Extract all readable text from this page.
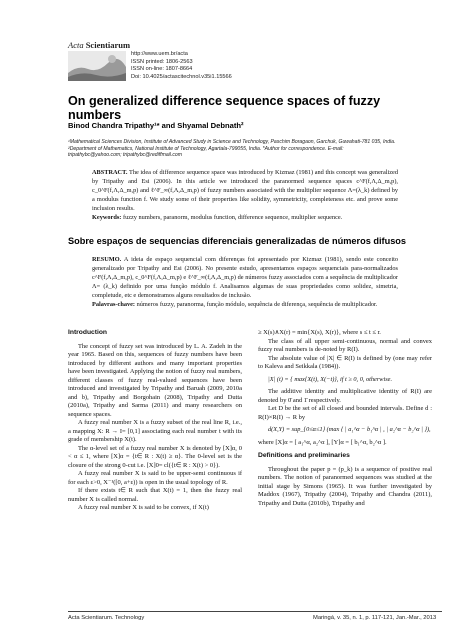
Acta Scientiarum
http://www.uem.br/acta
ISSN printed: 1806-2563
ISSN on-line: 1807-8664
Doi: 10.4025/actascitechnol.v35i1.15566
On generalized difference sequence spaces of fuzzy numbers
Binod Chandra Tripathy¹* and Shyamal Debnath²
¹Mathematical Sciences Division, Institute of Advanced Study in Science and Technology, Paschim Boragaon, Garchuk, Guwahati-781 035, India.
²Department of Mathematics, National Institute of Technology, Agartala-799055, India. *Author for correspondence. E-mail:
tripathybc@yahoo.com; tripathybc@rediffmail.com
ABSTRACT. The idea of difference sequence space was introduced by Kizmaz (1981) and this concept was generalized by Tripathy and Esi (2006). In this article we introduced the paranormed sequence spaces c^F(f,Λ,Δ_m,p), c_0^F(f,Λ,Δ_m,p) and ℓ^F_∞(f,Λ,Δ_m,p) of fuzzy numbers associated with the multiplier sequence Λ=(λ_k) defined by a modulus function f. We study some of their properties like solidity, symmetricity, completeness etc. and prove some inclusion results.
Keywords: fuzzy numbers, paranorm, modulus function, difference sequence, multiplier sequence.
Sobre espaços de sequencias diferenciais generalizadas de números difusos
RESUMO. A ideia de espaço sequencial com diferenças foi apresentado por Kizmaz (1981), sendo este conceito generalizado por Tripathy and Esi (2006). No presente estudo, apresentamos espaços sequenciais para-normalizados c^F(f,Λ,Δ_m,p), c_0^F(f,Λ,Δ_m,p) e ℓ^F_∞(f,Λ,Δ_m,p) de números fuzzy associados com a sequência de multiplicador Λ= (λ_k) definido por uma função módulo f. Analisamos algumas de suas propriedades como solidez, simetria, completude, etc e demonstramos alguns resultados de inclusão.
Palavras-chave: números fuzzy, paranorma, função módulo, sequência de diferença, sequência de multiplicador.
Introduction

The concept of fuzzy set was introduced by L. A. Zadeh in the year 1965. Based on this, sequences of fuzzy numbers have been introduced by different authors and many important properties have been investigated. Applying the notion of fuzzy real numbers, different classes of fuzzy real-valued sequences have been introduced and investigated by Tripathy and Baruah (2009, 2010a and b), Tripathy and Borgohain (2008), Tripathy and Dutta (2010a), Tripathy and Sarma (2011) and many researchers on sequence spaces.

A fuzzy real number X is a fuzzy subset of the real line R, i.e., a mapping X: R → I= [0,1] associating each real number t with its grade of membership X(t).

The α-level set of a fuzzy real number X is denoted by [X]α, 0 < α ≤ 1, where [X]α = {t∈ R : X(t) ≥ α}. The 0-level set is the closure of the strong 0-cut i.e. [X]0= cl({t∈ R : X(t) > 0}).

A fuzzy real number X is said to be upper-semi continuous if for each ε>0, X⁻¹([0, a+ε)) is open in the usual topology of R.

If there exists t∈ R such that X(t) = 1, then the fuzzy real number X is called normal.

A fuzzy real number X is said to be convex, if X(t)

≥ X(s)∧X(r) = min{X(s), X(r)}, where s ≤ t ≤ r.

The class of all upper semi-continuous, normal and convex fuzzy real numbers is de-noted by R(I).

The absolute value of |X| ∈ R(I) is defined by (one may refer to Kaleva and Seikkala (1984)).

|X| (t) = { max{X(t), X(−t)}, if t ≥ 0, 0, otherwise.

The additive identity and multiplicative identity of R(I) are denoted by 0̄ and 1̄ respectively.

Let D be the set of all closed and bounded intervals. Define d : R(I)×R(I) → R by

d(X,Y) = sup_{0≤α≤1} (max { | a₁^α − b₁^α | , | a₂^α − b₂^α | }),

where [X]α = [ a₁^α, a₂^α ], [Y]α = [ b₁^α, b₂^α ].

Definitions and preliminaries

Throughout the paper p = (p_k) is a sequence of positive real numbers. The notion of paranormed sequences was studied at the initial stage by Simons (1965). It was further investigated by Maddox (1967), Tripathy (2004), Tripathy and Chandra (2011), Tripathy and Dutta (2010b), Tripathy and

Acta Scientiarum. Technology	Maringá, v. 35, n. 1, p. 117-121, Jan.-Mar., 2013
